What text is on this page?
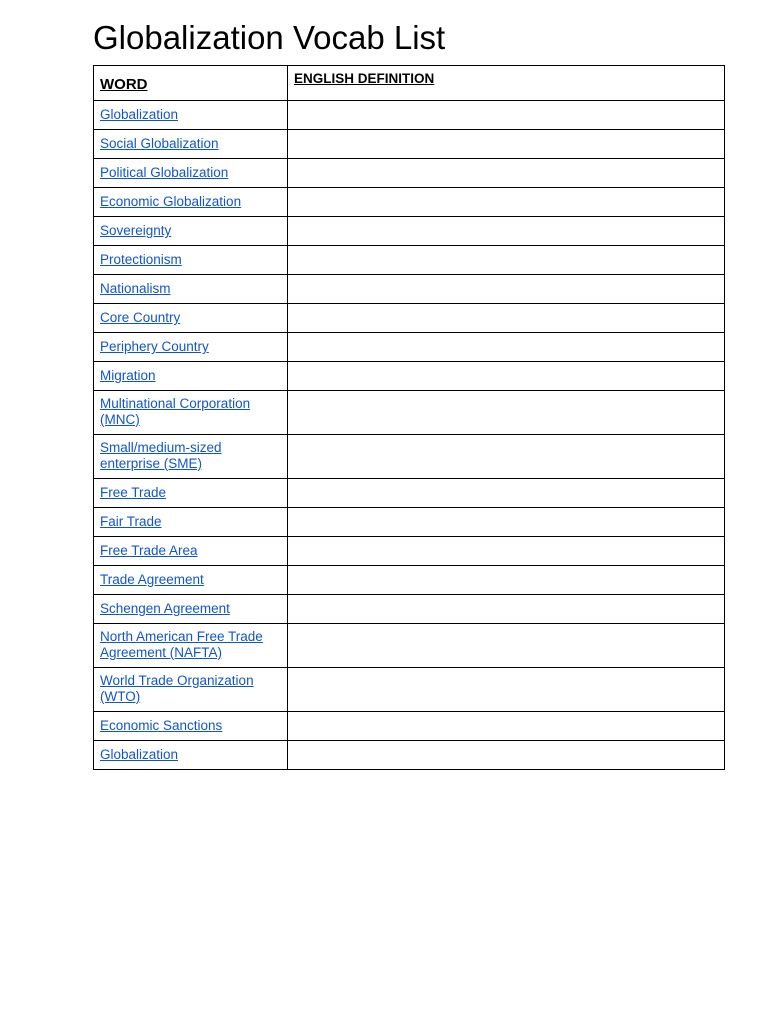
Globalization Vocab List
WORD	ENGLISH DEFINITION
Globalization	
Social Globalization	
Political Globalization	
Economic Globalization	
Sovereignty	
Protectionism	
Nationalism	
Core Country	
Periphery Country	
Migration	
Multinational Corporation (MNC)	
Small/medium-sized enterprise (SME)	
Free Trade	
Fair Trade	
Free Trade Area	
Trade Agreement	
Schengen Agreement	
North American Free Trade Agreement (NAFTA)	
World Trade Organization (WTO)	
Economic Sanctions	
Globalization	
